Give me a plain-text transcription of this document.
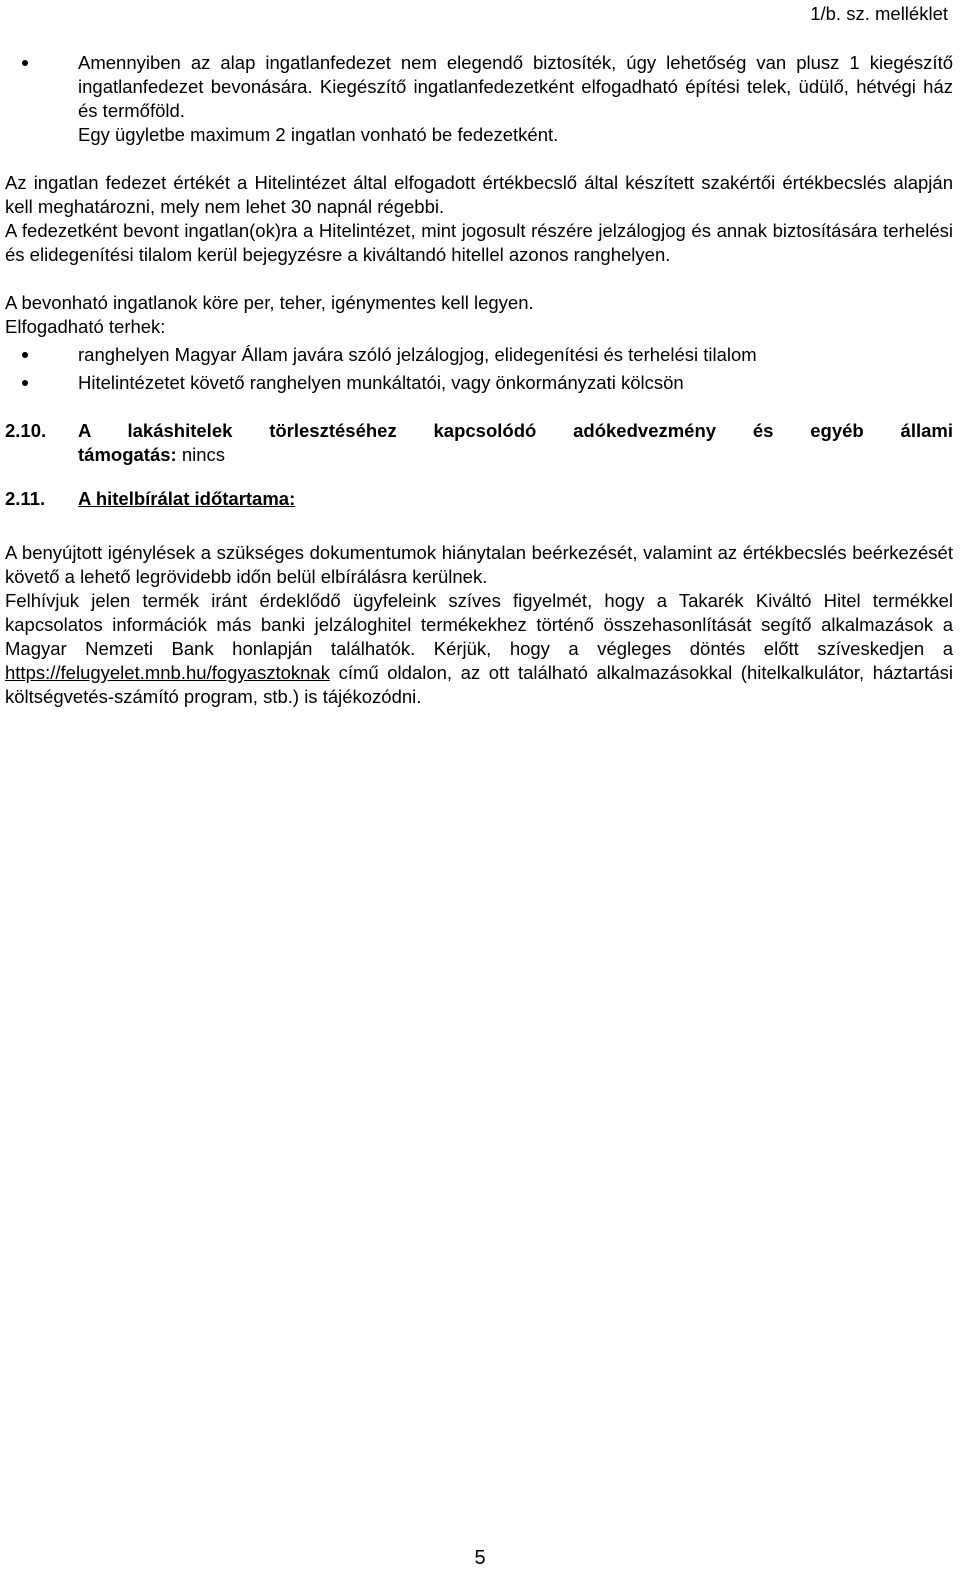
1/b. sz. melléklet
Amennyiben az alap ingatlanfedezet nem elegendő biztosíték, úgy lehetőség van plusz 1 kiegészítő ingatlanfedezet bevonására. Kiegészítő ingatlanfedezetként elfogadható építési telek, üdülő, hétvégi ház és termőföld.
Egy ügyletbe maximum 2 ingatlan vonható be fedezetként.

Az ingatlan fedezet értékét a Hitelintézet által elfogadott értékbecslő által készített szakértői értékbecslés alapján kell meghatározni, mely nem lehet 30 napnál régebbi.

A fedezetként bevont ingatlan(ok)ra a Hitelintézet, mint jogosult részére jelzálogjog és annak biztosítására terhelési és elidegenítési tilalom kerül bejegyzésre a kiváltandó hitellel azonos ranghelyen.

A bevonható ingatlanok köre per, teher, igénymentes kell legyen.

Elfogadható terhek:

ranghelyen Magyar Állam javára szóló jelzálogjog, elidegenítési és terhelési tilalom
Hitelintézetet követő ranghelyen munkáltatói, vagy önkormányzati kölcsön
2.10.	A lakáshitelek törlesztéséhez kapcsolódó adókedvezmény és egyéb állami
támogatás: nincs
2.11.	A hitelbírálat időtartama:

A benyújtott igénylések a szükséges dokumentumok hiánytalan beérkezését, valamint az értékbecslés beérkezését követő a lehető legrövidebb időn belül elbírálásra kerülnek.

Felhívjuk jelen termék iránt érdeklődő ügyfeleink szíves figyelmét, hogy a Takarék Kiváltó Hitel termékkel kapcsolatos információk más banki jelzáloghitel termékekhez történő összehasonlítását segítő alkalmazások a Magyar Nemzeti Bank honlapján találhatók. Kérjük, hogy a végleges döntés előtt szíveskedjen a https://felugyelet.mnb.hu/fogyasztoknak című oldalon, az ott található alkalmazásokkal (hitelkalkulátor, háztartási költségvetés-számító program, stb.) is tájékozódni.

5
